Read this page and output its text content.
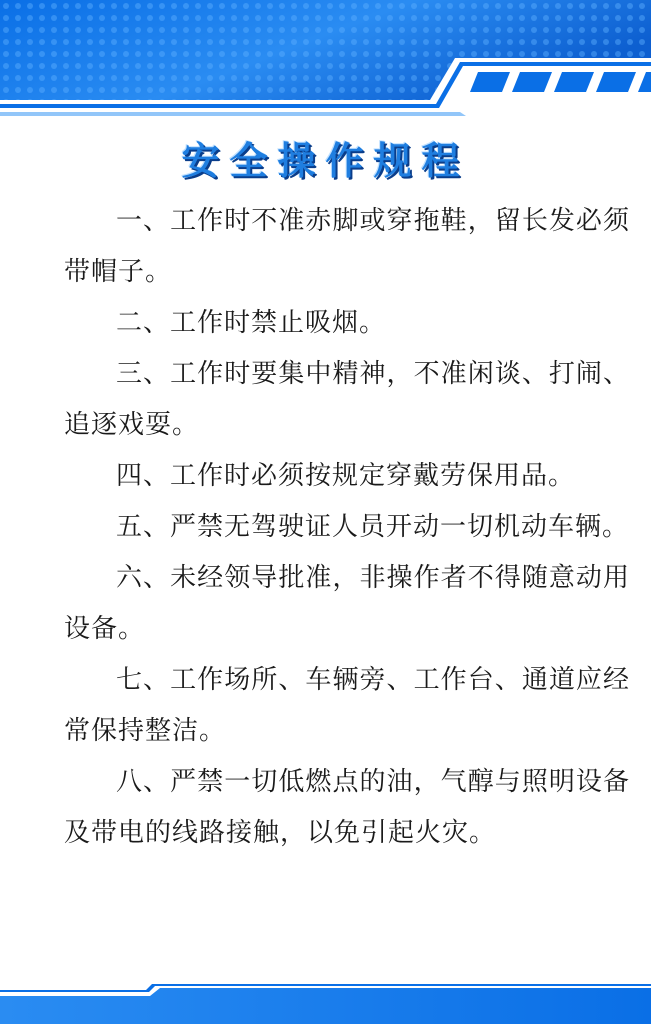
安全操作规程

一、工作时不准赤脚或穿拖鞋，留长发必须带帽子。

二、工作时禁止吸烟。

三、工作时要集中精神，不准闲谈、打闹、追逐戏耍。

四、工作时必须按规定穿戴劳保用品。

五、严禁无驾驶证人员开动一切机动车辆。

六、未经领导批准，非操作者不得随意动用设备。

七、工作场所、车辆旁、工作台、通道应经常保持整洁。

八、严禁一切低燃点的油，气醇与照明设备及带电的线路接触，以免引起火灾。
